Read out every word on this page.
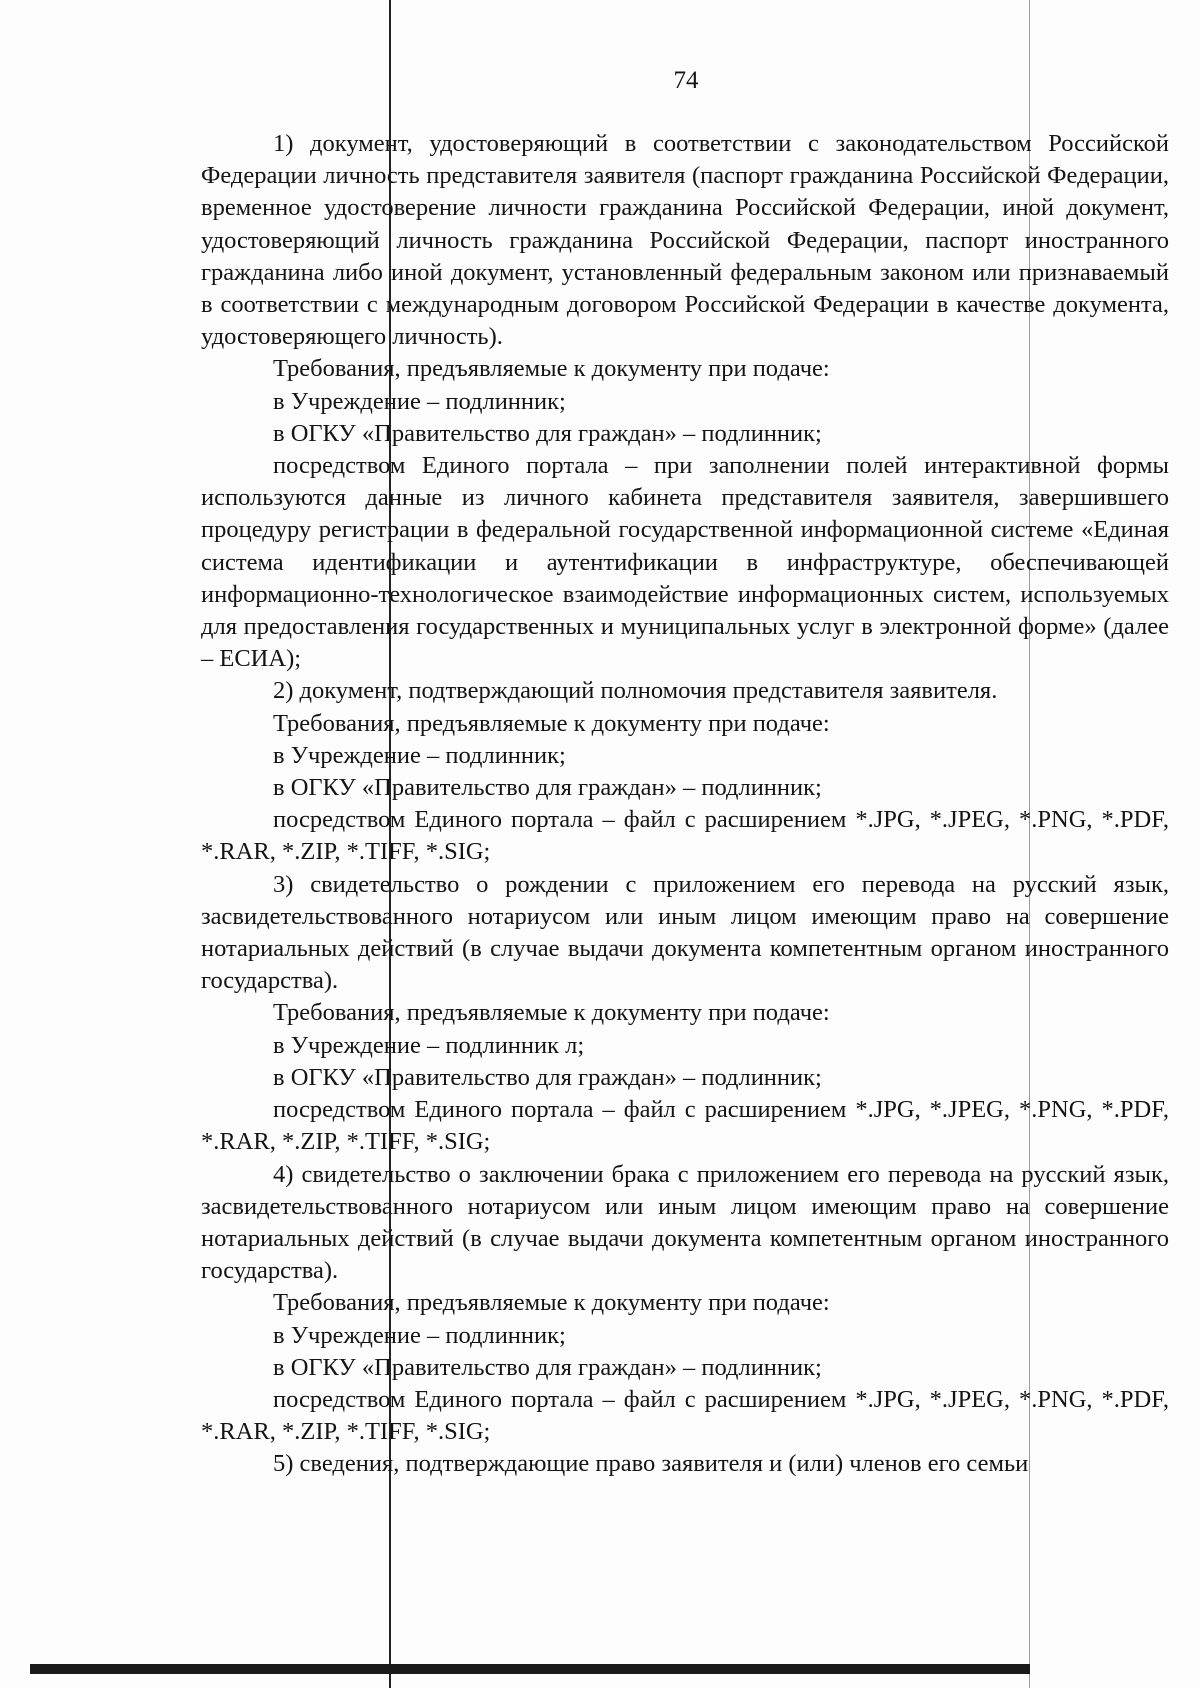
74

1) документ, удостоверяющий в соответствии с законодательством Российской Федерации личность представителя заявителя (паспорт гражданина Российской Федерации, временное удостоверение личности гражданина Российской Федерации, иной документ, удостоверяющий личность гражданина Российской Федерации, паспорт иностранного гражданина либо иной документ, установленный федеральным законом или признаваемый в соответствии с международным договором Российской Федерации в качестве документа, удостоверяющего личность).

Требования, предъявляемые к документу при подаче:

в Учреждение – подлинник;

в ОГКУ «Правительство для граждан» – подлинник;

посредством Единого портала – при заполнении полей интерактивной формы используются данные из личного кабинета представителя заявителя, завершившего процедуру регистрации в федеральной государственной информационной системе «Единая система идентификации и аутентификации в инфраструктуре, обеспечивающей информационно-технологическое взаимодействие информационных систем, используемых для предоставления государственных и муниципальных услуг в электронной форме» (далее – ЕСИА);

2) документ, подтверждающий полномочия представителя заявителя.

Требования, предъявляемые к документу при подаче:

в Учреждение – подлинник;

в ОГКУ «Правительство для граждан» – подлинник;

посредством Единого портала – файл с расширением *.JPG, *.JPEG, *.PNG, *.PDF, *.RAR, *.ZIP, *.TIFF, *.SIG;

3) свидетельство о рождении с приложением его перевода на русский язык, засвидетельствованного нотариусом или иным лицом имеющим право на совершение нотариальных действий (в случае выдачи документа компетентным органом иностранного государства).

Требования, предъявляемые к документу при подаче:

в Учреждение – подлинник л;

в ОГКУ «Правительство для граждан» – подлинник;

посредством Единого портала – файл с расширением *.JPG, *.JPEG, *.PNG, *.PDF, *.RAR, *.ZIP, *.TIFF, *.SIG;

4) свидетельство о заключении брака с приложением его перевода на русский язык, засвидетельствованного нотариусом или иным лицом имеющим право на совершение нотариальных действий (в случае выдачи документа компетентным органом иностранного государства).

Требования, предъявляемые к документу при подаче:

в Учреждение – подлинник;

в ОГКУ «Правительство для граждан» – подлинник;

посредством Единого портала – файл с расширением *.JPG, *.JPEG, *.PNG, *.PDF, *.RAR, *.ZIP, *.TIFF, *.SIG;

5) сведения, подтверждающие право заявителя и (или) членов его семьи
